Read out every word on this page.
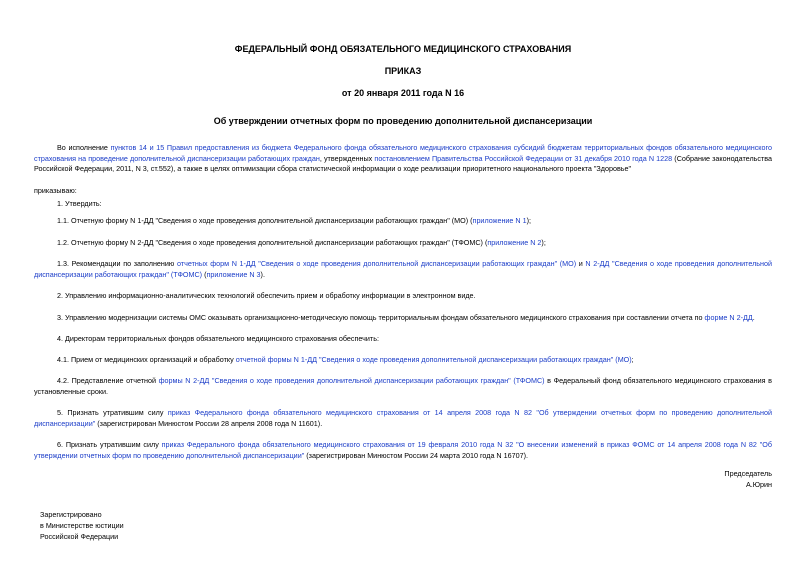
ФЕДЕРАЛЬНЫЙ ФОНД ОБЯЗАТЕЛЬНОГО МЕДИЦИНСКОГО СТРАХОВАНИЯ
ПРИКАЗ
от 20 января 2011 года N 16
Об утверждении отчетных форм по проведению дополнительной диспансеризации
Во исполнение пунктов 14 и 15 Правил предоставления из бюджета Федерального фонда обязательного медицинского страхования субсидий бюджетам территориальных фондов обязательного медицинского страхования на проведение дополнительной диспансеризации работающих граждан, утвержденных постановлением Правительства Российской Федерации от 31 декабря 2010 года N 1228 (Собрание законодательства Российской Федерации, 2011, N 3, ст.552), а также в целях оптимизации сбора статистической информации о ходе реализации приоритетного национального проекта "Здоровье"
приказываю:
1. Утвердить:
1.1. Отчетную форму N 1-ДД "Сведения о ходе проведения дополнительной диспансеризации работающих граждан" (МО) (приложение N 1);
1.2. Отчетную форму N 2-ДД "Сведения о ходе проведения дополнительной диспансеризации работающих граждан" (ТФОМС) (приложение N 2);
1.3. Рекомендации по заполнению отчетных форм N 1-ДД "Сведения о ходе проведения дополнительной диспансеризации работающих граждан" (МО) и N 2-ДД "Сведения о ходе проведения дополнительной диспансеризации работающих граждан" (ТФОМС) (приложение N 3).
2. Управлению информационно-аналитических технологий обеспечить прием и обработку информации в электронном виде.
3. Управлению модернизации системы ОМС оказывать организационно-методическую помощь территориальным фондам обязательного медицинского страхования при составлении отчета по форме N 2-ДД.
4. Директорам территориальных фондов обязательного медицинского страхования обеспечить:
4.1. Прием от медицинских организаций и обработку отчетной формы N 1-ДД "Сведения о ходе проведения дополнительной диспансеризации работающих граждан" (МО);
4.2. Представление отчетной формы N 2-ДД "Сведения о ходе проведения дополнительной диспансеризации работающих граждан" (ТФОМС) в Федеральный фонд обязательного медицинского страхования в установленные сроки.
5. Признать утратившим силу приказ Федерального фонда обязательного медицинского страхования от 14 апреля 2008 года N 82 "Об утверждении отчетных форм по проведению дополнительной диспансеризации" (зарегистрирован Минюстом России 28 апреля 2008 года N 11601).
6. Признать утратившим силу приказ Федерального фонда обязательного медицинского страхования от 19 февраля 2010 года N 32 "О внесении изменений в приказ ФОМС от 14 апреля 2008 года N 82 "Об утверждении отчетных форм по проведению дополнительной диспансеризации" (зарегистрирован Минюстом России 24 марта 2010 года N 16707).
Председатель
А.Юрин
Зарегистрировано
в Министерстве юстиции
Российской Федерации
